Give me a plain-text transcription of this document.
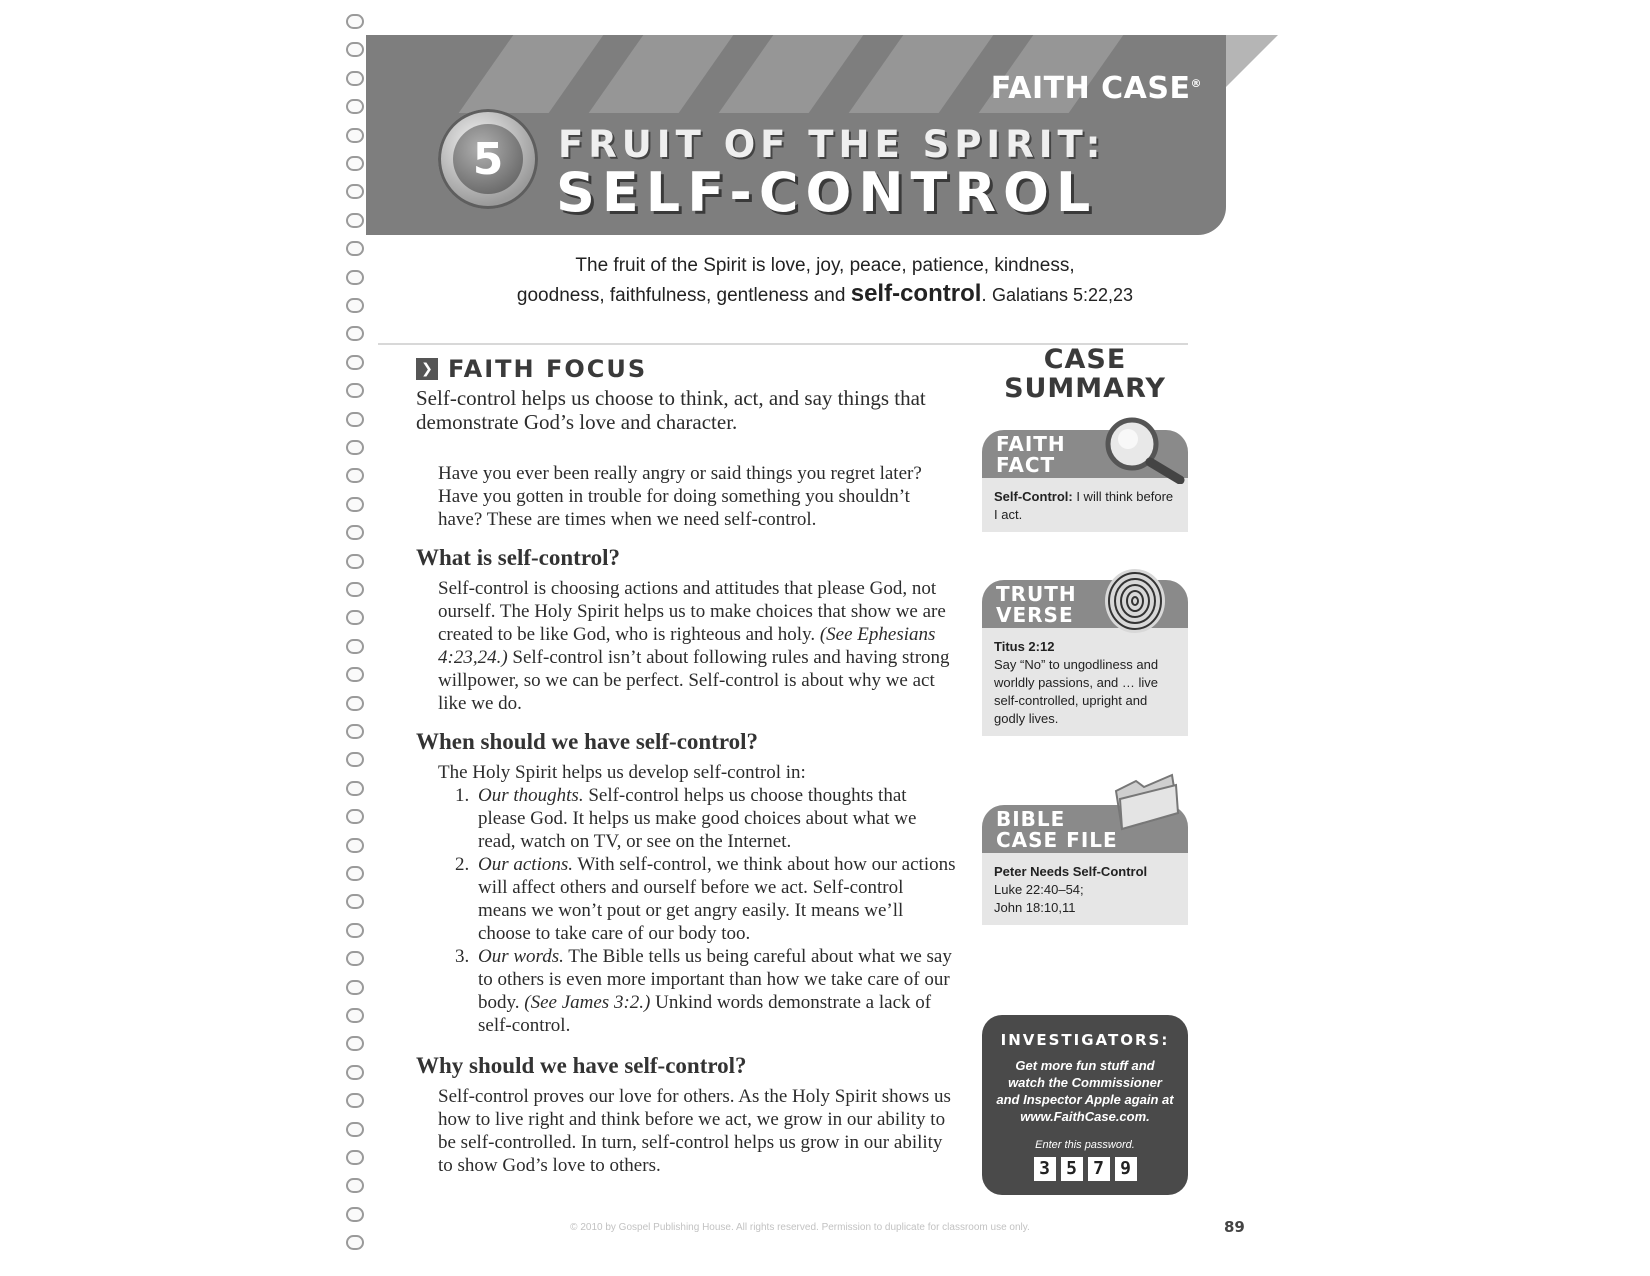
FAITH CASE®
5	FRUIT OF THE SPIRIT:
SELF-CONTROL
The fruit of the Spirit is love, joy, peace, patience, kindness,
goodness, faithfulness, gentleness and self-control. Galatians 5:22,23
❯ FAITH FOCUS
Self-control helps us choose to think, act, and say things that demonstrate God’s love and character.

Have you ever been really angry or said things you regret later? Have you gotten in trouble for doing something you shouldn’t have? These are times when we need self-control.

What is self-control?

Self-control is choosing actions and attitudes that please God, not ourself. The Holy Spirit helps us to make choices that show we are created to be like God, who is righteous and holy. (See Ephesians 4:23,24.) Self-control isn’t about following rules and having strong willpower, so we can be perfect. Self-control is about why we act like we do.

When should we have self-control?

The Holy Spirit helps us develop self-control in:

1. Our thoughts. Self-control helps us choose thoughts that please God. It helps us make good choices about what we read, watch on TV, or see on the Internet.
2. Our actions. With self-control, we think about how our actions will affect others and ourself before we act. Self-control means we won’t pout or get angry easily. It means we’ll choose to take care of our body too.
3. Our words. The Bible tells us being careful about what we say to others is even more important than how we take care of our body. (See James 3:2.) Unkind words demonstrate a lack of self-control.
Why should we have self-control?

Self-control proves our love for others. As the Holy Spirit shows us how to live right and think before we act, we grow in our ability to be self-controlled. In turn, self-control helps us grow in our ability to show God’s love to others.

CASE
SUMMARY
FAITH
FACT
Self-Control: I will think before I act.
TRUTH
VERSE
Titus 2:12
Say “No” to ungodliness and worldly passions, and … live self-controlled, upright and godly lives.
BIBLE
CASE FILE
Peter Needs Self-Control
Luke 22:40–54;
John 18:10,11
INVESTIGATORS:
Get more fun stuff and watch the Commissioner and Inspector Apple again at www.FaithCase.com.
Enter this password.
3 5 7 9
© 2010 by Gospel Publishing House. All rights reserved. Permission to duplicate for classroom use only.	89
